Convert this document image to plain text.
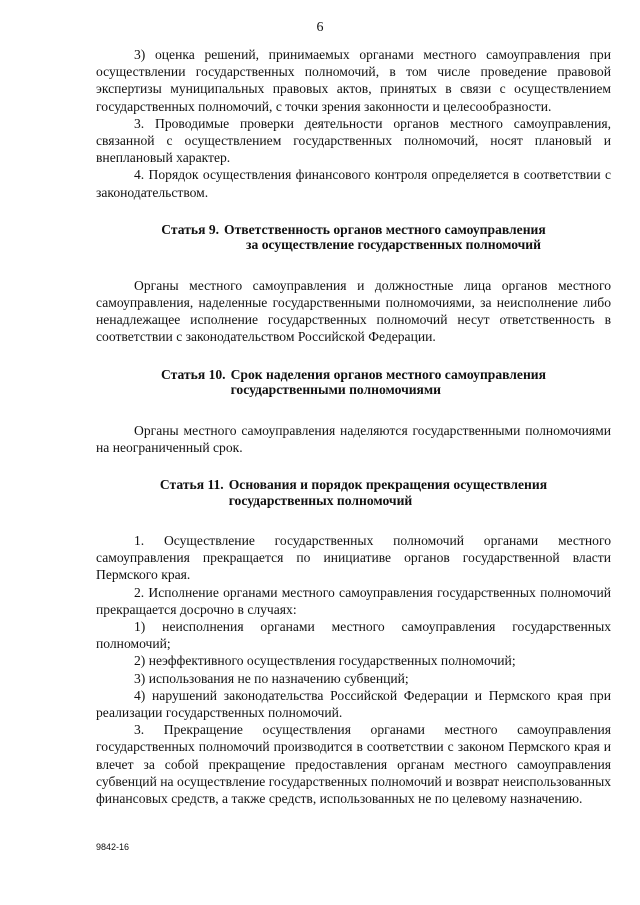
6

3) оценка решений, принимаемых органами местного самоуправления при осуществлении государственных полномочий, в том числе проведение правовой экспертизы муниципальных правовых актов, принятых в связи с осуществлением государственных полномочий, с точки зрения законности и целесообразности.

3. Проводимые проверки деятельности органов местного самоуправления, связанной с осуществлением государственных полномочий, носят плановый и внеплановый характер.

4. Порядок осуществления финансового контроля определяется в соответствии с законодательством.

Статья 9. Ответственность органов местного самоуправления
за осуществление государственных полномочий

Органы местного самоуправления и должностные лица органов местного самоуправления, наделенные государственными полномочиями, за неисполнение либо ненадлежащее исполнение государственных полномочий несут ответственность в соответствии с законодательством Российской Федерации.

Статья 10. Срок наделения органов местного самоуправления
государственными полномочиями

Органы местного самоуправления наделяются государственными полномочиями на неограниченный срок.

Статья 11. Основания и порядок прекращения осуществления
государственных полномочий

1. Осуществление государственных полномочий органами местного самоуправления прекращается по инициативе органов государственной власти Пермского края.

2. Исполнение органами местного самоуправления государственных полномочий прекращается досрочно в случаях:

1) неисполнения органами местного самоуправления государственных полномочий;

2) неэффективного осуществления государственных полномочий;

3) использования не по назначению субвенций;

4) нарушений законодательства Российской Федерации и Пермского края при реализации государственных полномочий.

3. Прекращение осуществления органами местного самоуправления государственных полномочий производится в соответствии с законом Пермского края и влечет за собой прекращение предоставления органам местного самоуправления субвенций на осуществление государственных полномочий и возврат неиспользованных финансовых средств, а также средств, использованных не по целевому назначению.

9842-16
